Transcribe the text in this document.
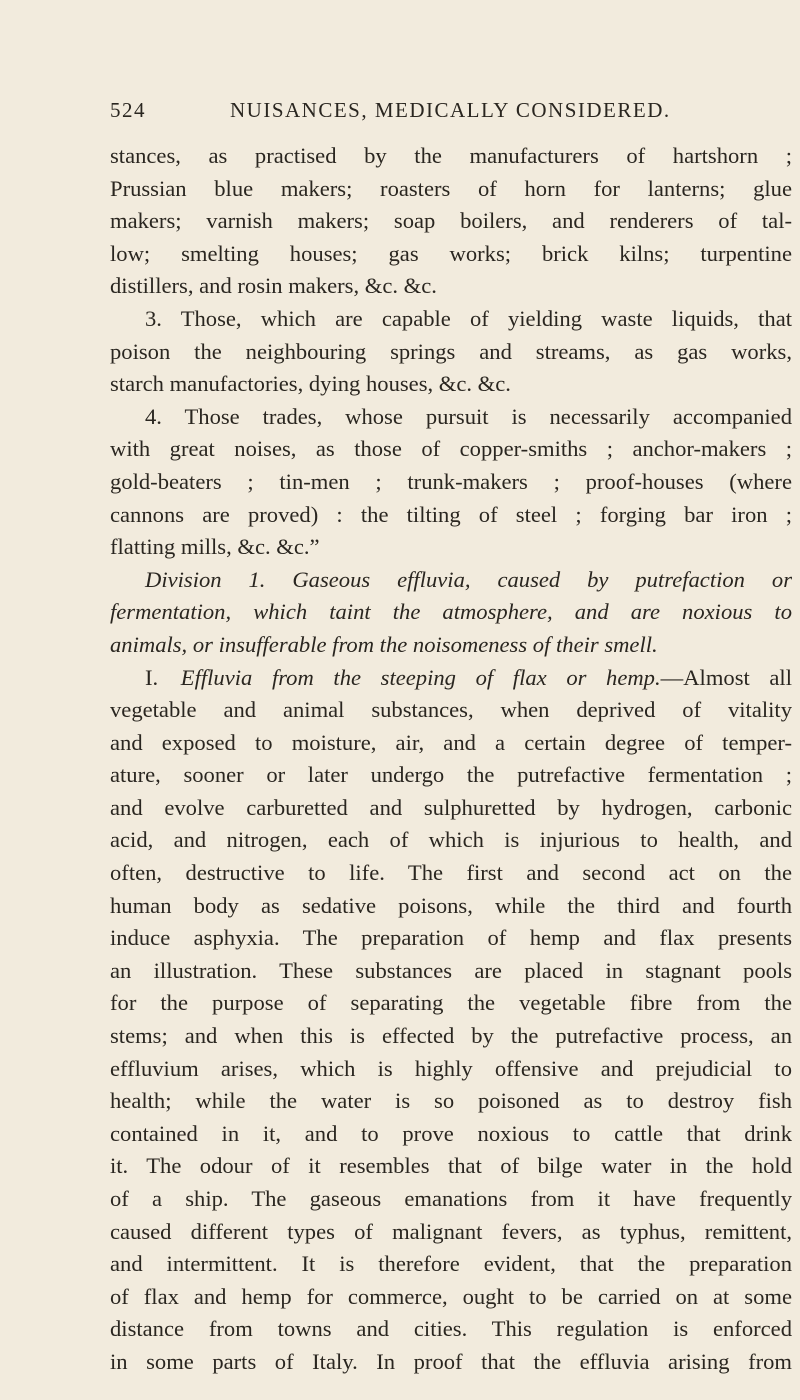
524	NUISANCES, MEDICALLY CONSIDERED.
stances, as practised by the manufacturers of hartshorn ;
Prussian blue makers; roasters of horn for lanterns; glue
makers; varnish makers; soap boilers, and renderers of tal-
low; smelting houses; gas works; brick kilns; turpentine
distillers, and rosin makers, &c. &c.
3. Those, which are capable of yielding waste liquids, that
poison the neighbouring springs and streams, as gas works,
starch manufactories, dying houses, &c. &c.
4. Those trades, whose pursuit is necessarily accompanied
with great noises, as those of copper-smiths ; anchor-makers ;
gold-beaters ; tin-men ; trunk-makers ; proof-houses (where
cannons are proved) : the tilting of steel ; forging bar iron ;
flatting mills, &c. &c.”
Division 1. Gaseous effluvia, caused by putrefaction or
fermentation, which taint the atmosphere, and are noxious to
animals, or insufferable from the noisomeness of their smell.
I.  Effluvia from the steeping of flax or hemp.—Almost all
vegetable and animal substances, when deprived of vitality
and exposed to moisture, air, and a certain degree of temper-
ature, sooner or later undergo the putrefactive fermentation ;
and evolve carburetted and sulphuretted by hydrogen, carbonic
acid, and nitrogen, each of which is injurious to health, and
often, destructive to life. The first and second act on the
human body as sedative poisons, while the third and fourth
induce asphyxia. The preparation of hemp and flax presents
an illustration. These substances are placed in stagnant pools
for the purpose of separating the vegetable fibre from the
stems; and when this is effected by the putrefactive process, an
effluvium arises, which is highly offensive and prejudicial to
health; while the water is so poisoned as to destroy fish
contained in it, and to prove noxious to cattle that drink
it. The odour of it resembles that of bilge water in the hold
of a ship. The gaseous emanations from it have frequently
caused different types of malignant fevers, as typhus, remittent,
and intermittent. It is therefore evident, that the preparation
of flax and hemp for commerce, ought to be carried on at some
distance from towns and cities. This regulation is enforced
in some parts of Italy. In proof that the effluvia arising from
